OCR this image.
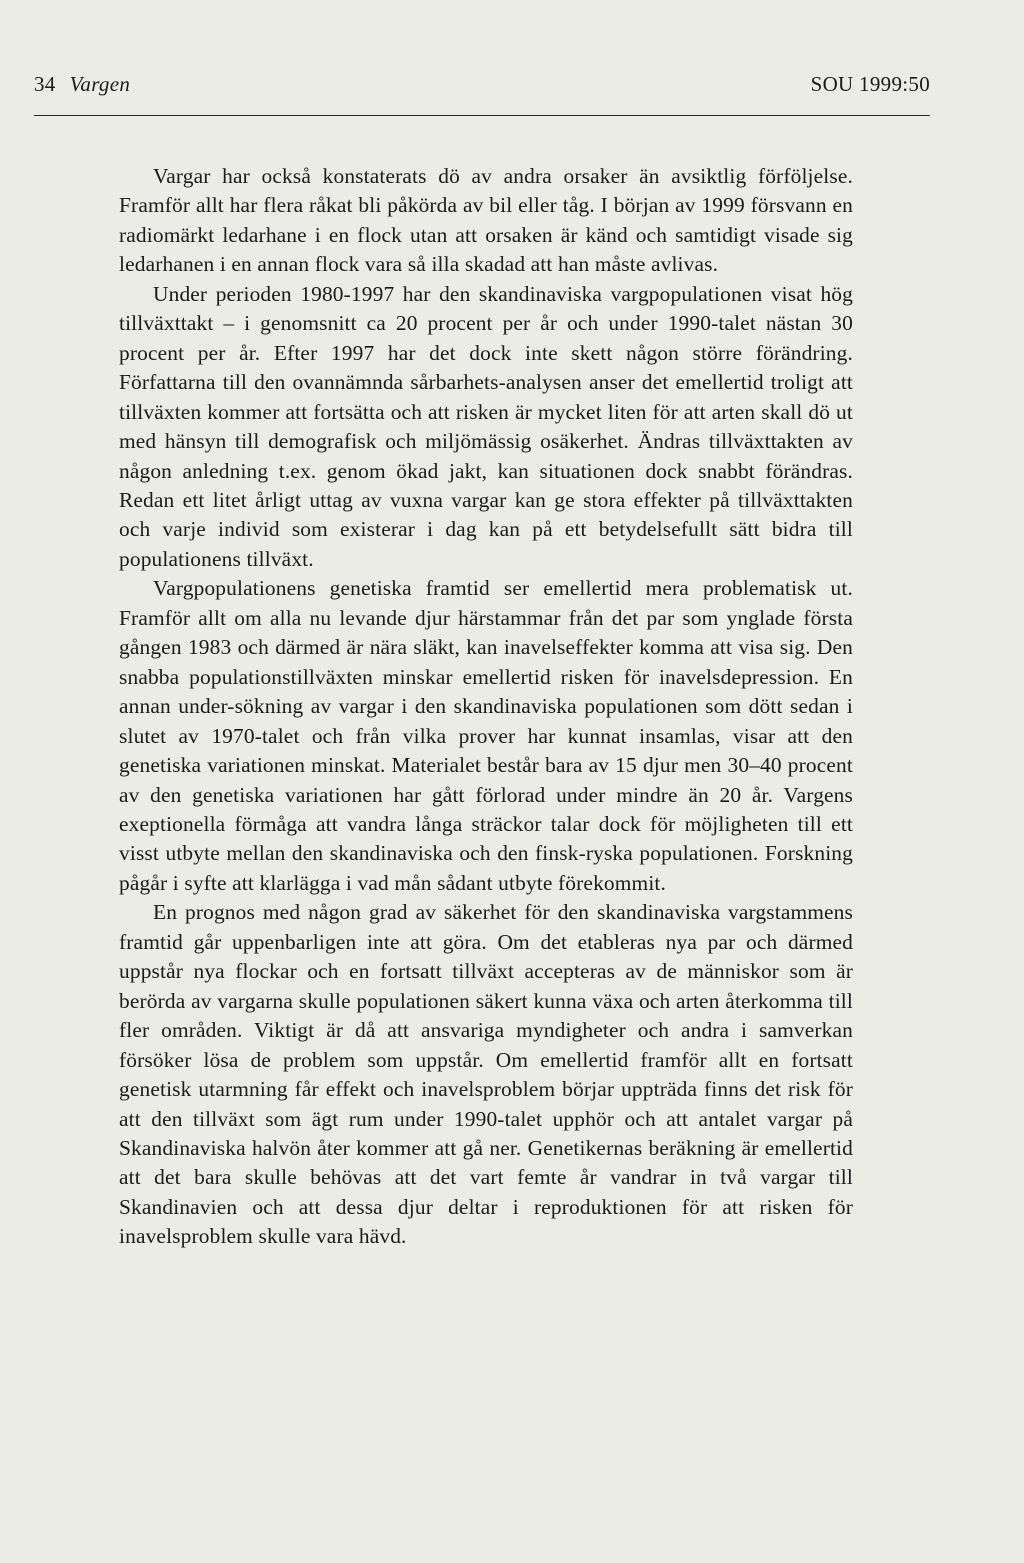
34 Vargen	SOU 1999:50

Vargar har också konstaterats dö av andra orsaker än avsiktlig förföljelse. Framför allt har flera råkat bli påkörda av bil eller tåg. I början av 1999 försvann en radiomärkt ledarhane i en flock utan att orsaken är känd och samtidigt visade sig ledarhanen i en annan flock vara så illa skadad att han måste avlivas.

Under perioden 1980-1997 har den skandinaviska vargpopulationen visat hög tillväxttakt – i genomsnitt ca 20 procent per år och under 1990-talet nästan 30 procent per år. Efter 1997 har det dock inte skett någon större förändring. Författarna till den ovannämnda sårbarhets-analysen anser det emellertid troligt att tillväxten kommer att fortsätta och att risken är mycket liten för att arten skall dö ut med hänsyn till demografisk och miljömässig osäkerhet. Ändras tillväxttakten av någon anledning t.ex. genom ökad jakt, kan situationen dock snabbt förändras. Redan ett litet årligt uttag av vuxna vargar kan ge stora effekter på tillväxttakten och varje individ som existerar i dag kan på ett betydelsefullt sätt bidra till populationens tillväxt.

Vargpopulationens genetiska framtid ser emellertid mera problematisk ut. Framför allt om alla nu levande djur härstammar från det par som ynglade första gången 1983 och därmed är nära släkt, kan inavelseffekter komma att visa sig. Den snabba populationstillväxten minskar emellertid risken för inavelsdepression. En annan under-sökning av vargar i den skandinaviska populationen som dött sedan i slutet av 1970-talet och från vilka prover har kunnat insamlas, visar att den genetiska variationen minskat. Materialet består bara av 15 djur men 30–40 procent av den genetiska variationen har gått förlorad under mindre än 20 år. Vargens exeptionella förmåga att vandra långa sträckor talar dock för möjligheten till ett visst utbyte mellan den skandinaviska och den finsk-ryska populationen. Forskning pågår i syfte att klarlägga i vad mån sådant utbyte förekommit.

En prognos med någon grad av säkerhet för den skandinaviska vargstammens framtid går uppenbarligen inte att göra. Om det etableras nya par och därmed uppstår nya flockar och en fortsatt tillväxt accepteras av de människor som är berörda av vargarna skulle populationen säkert kunna växa och arten återkomma till fler områden. Viktigt är då att ansvariga myndigheter och andra i samverkan försöker lösa de problem som uppstår. Om emellertid framför allt en fortsatt genetisk utarmning får effekt och inavelsproblem börjar uppträda finns det risk för att den tillväxt som ägt rum under 1990-talet upphör och att antalet vargar på Skandinaviska halvön åter kommer att gå ner. Genetikernas beräkning är emellertid att det bara skulle behövas att det vart femte år vandrar in två vargar till Skandinavien och att dessa djur deltar i reproduktionen för att risken för inavelsproblem skulle vara hävd.
